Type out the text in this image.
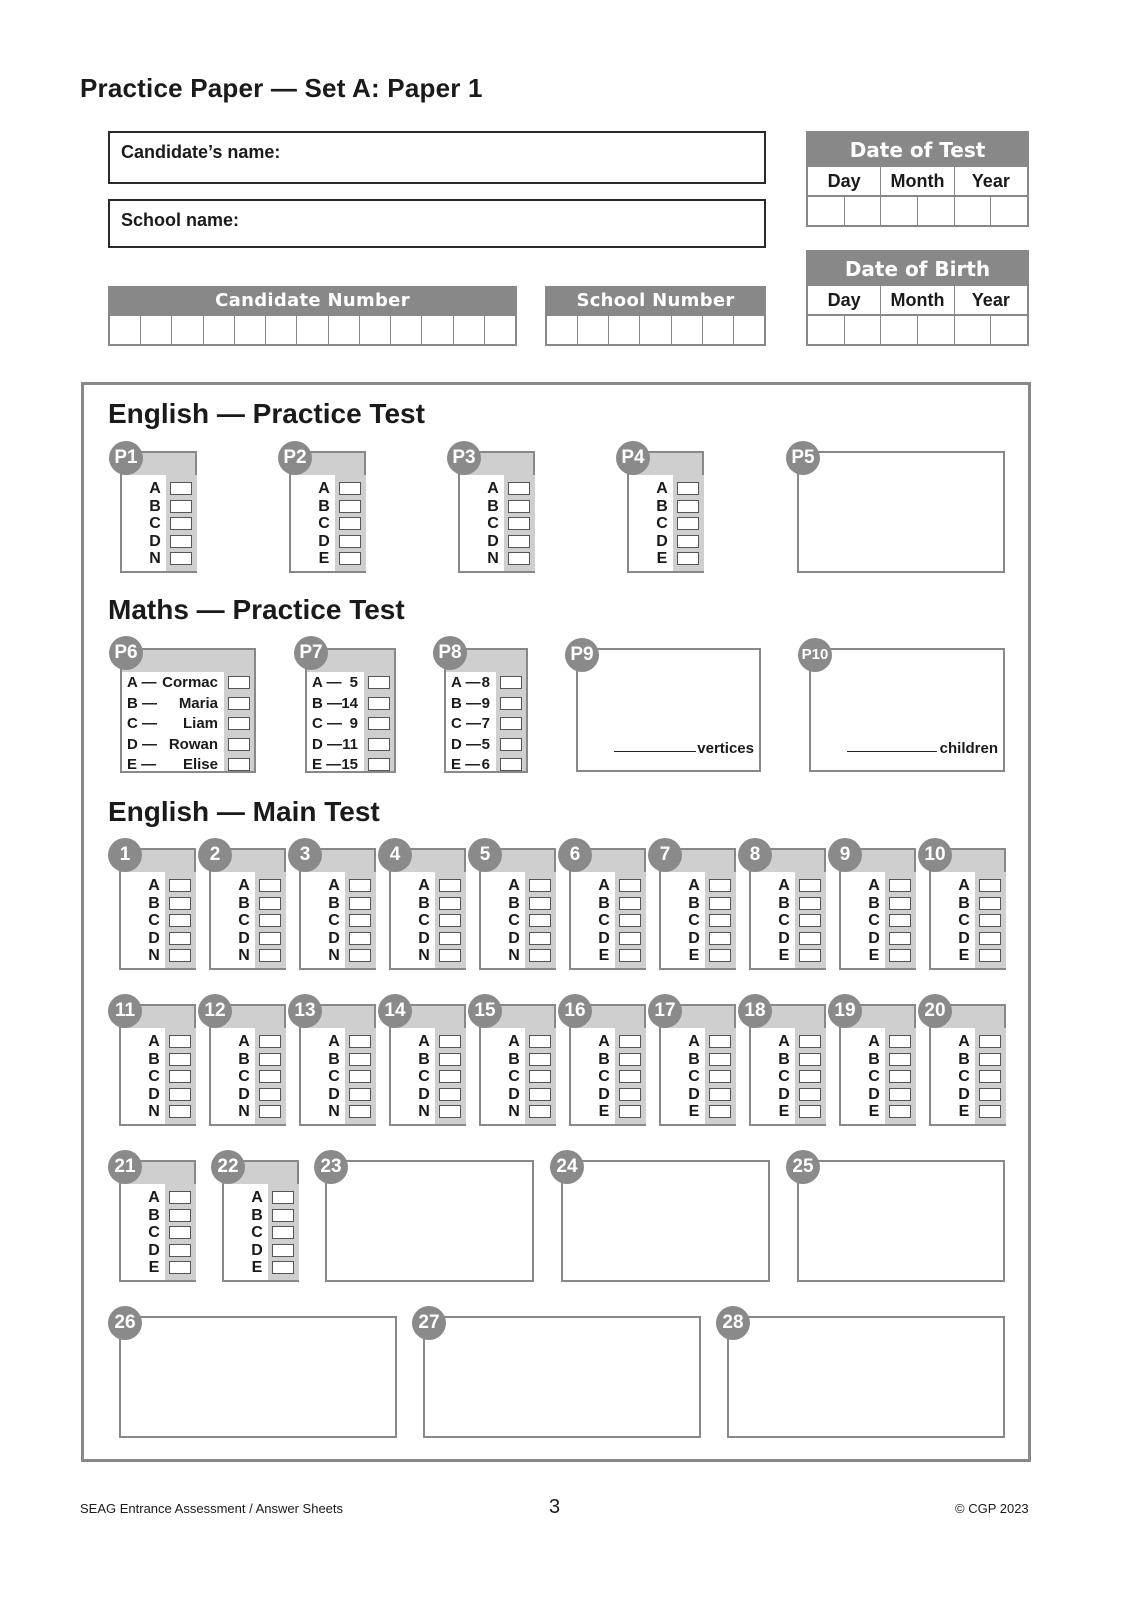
Practice Paper — Set A: Paper 1
Candidate’s name:
School name:
Candidate Number	School Number
Date of Test
Day	Month	Year
Date of Birth
Day	Month	Year
English — Practice Test
Maths — Practice Test
English — Main Test
A
B
C
D
N
P1
A
B
C
D
E
P2
A
B
C
D
N
P3
A
B
C
D
E
P4	P5
A — Cormac
B — Maria
C — Liam
D — Rowan
E — Elise
P6
A — 5
B — 14
C — 9
D — 11
E — 15
P7
A — 8
B — 9
C — 7
D — 5
E — 6
P8
vertices
P9
children
P10
A
B
C
D
N
1
A
B
C
D
N
2
A
B
C
D
N
3
A
B
C
D
N
4
A
B
C
D
N
5
A
B
C
D
E
6
A
B
C
D
E
7
A
B
C
D
E
8
A
B
C
D
E
9
A
B
C
D
E
10
A
B
C
D
N
11
A
B
C
D
N
12
A
B
C
D
N
13
A
B
C
D
N
14
A
B
C
D
N
15
A
B
C
D
E
16
A
B
C
D
E
17
A
B
C
D
E
18
A
B
C
D
E
19
A
B
C
D
E
20
A
B
C
D
E
21
A
B
C
D
E
22	23	24	25
26	27	28
SEAG Entrance Assessment / Answer Sheets	3	© CGP 2023
